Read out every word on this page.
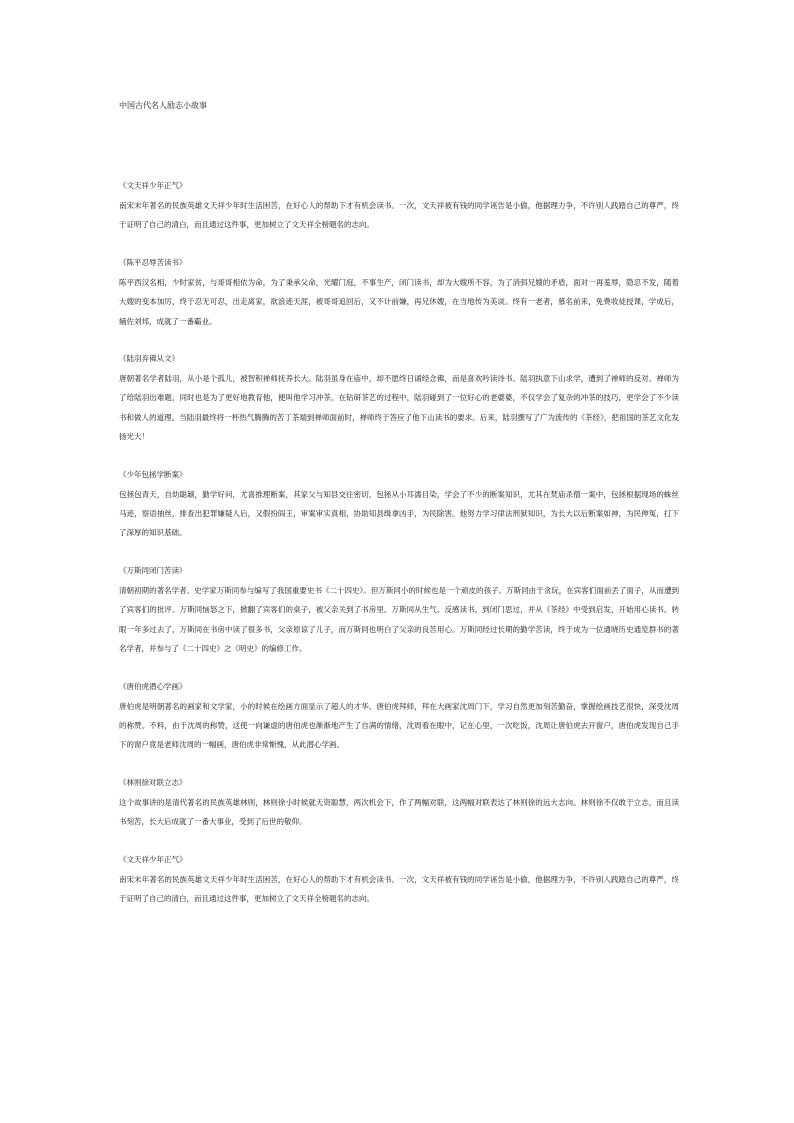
中国古代名人励志小故事
《文天祥少年正气》

南宋末年著名的民族英雄文天祥少年时生活困苦，在好心人的帮助下才有机会读书。一次，文天祥被有钱的同学诬告是小偷，他据理力争，不许别人践踏自己的尊严，终于证明了自己的清白，而且通过这件事，更加树立了文天祥全榜题名的志向。

《陈平忍辱苦读书》

陈平西汉名相，少时家贫，与哥哥相依为命，为了秉承父命，光耀门庭，不事生产，闭门读书，却为大嫂所不容，为了消弭兄嫂的矛盾，面对一再羞辱，隐忍不发，随着大嫂的变本加厉，终于忍无可忍，出走离家，欲浪迹天涯，被哥哥追回后，又不计前嫌，再兄休嫂，在当地传为美谈。终有一老者，慕名前来，免费收徒授课，学成后，辅佐刘邦，成就了一番霸业。

《陆羽弃佛从文》

唐朝著名学者陆羽，从小是个孤儿，被智积禅师抚养长大。陆羽虽身在庙中，却不愿终日诵经念佛，而是喜欢吟读诗书。陆羽执意下山求学，遭到了禅师的反对。禅师为了给陆羽出难题，同时也是为了更好地教育他，便叫他学习冲茶。在钻研茶艺的过程中，陆羽碰到了一位好心的老婆婆，不仅学会了复杂的冲茶的技巧，更学会了不少读书和做人的道理。当陆羽最终将一杯热气腾腾的苦丁茶端到禅师面前时，禅师终于答应了他下山读书的要求。后来，陆羽撰写了广为流传的《茶经》，把祖国的茶艺文化发扬光大！

《少年包拯学断案》

包拯包青天，自幼聪颖，勤学好问，尤喜推理断案，其家父与知县交往密切，包拯从小耳濡目染，学会了不少的断案知识，尤其在焚庙杀僧一案中，包拯根据现场的蛛丝马迹，察语抽丝，排查出犯罪嫌疑人后，又假扮阎王，审案审实真相，协助知县缉拿凶手，为民除害。他努力学习律法刑狱知识，为长大以后断案如神，为民伸冤，打下了深厚的知识基础。

《万斯同闭门苦读》

清朝初期的著名学者、史学家万斯同参与编写了我国重要史书《二十四史》。但万斯同小的时候也是一个顽皮的孩子。万斯同由于贪玩，在宾客们面前丢了面子，从而遭到了宾客们的批评。万斯同恼怒之下，掀翻了宾客们的桌子，被父亲关到了书房里。万斯同从生气、反感读书，到闭门思过，并从《茶经》中受到启发，开始用心读书。转眼一年多过去了，万斯同在书房中读了很多书，父亲原谅了儿子，而万斯同也明白了父亲的良苦用心。万斯同经过长期的勤学苦读，终于成为一位通晓历史通览群书的著名学者，并参与了《二十四史》之《明史》的编修工作。

《唐伯虎潜心学画》

唐伯虎是明朝著名的画家和文学家，小的时候在绘画方面显示了超人的才华。唐伯虎拜师，拜在大画家沈周门下，学习自然更加刻苦勤奋，掌握绘画技艺很快，深受沈周的称赞。不料，由于沈周的称赞，这使一向谦虚的唐伯虎也渐渐地产生了自满的情绪，沈周看在眼中，记在心里，一次吃饭，沈周让唐伯虎去开窗户，唐伯虎发现自己手下的窗户竟是老师沈周的一幅画，唐伯虎非常惭愧，从此潜心学画。

《林则徐对联立志》

这个故事讲的是清代著名的民族英雄林则，林则徐小时候就天资聪慧，两次机会下，作了两幅对联，这两幅对联表达了林则徐的远大志向。林则徐不仅敢于立志，而且读书刻苦，长大后成就了一番大事业，受到了后世的敬仰。

《文天祥少年正气》

南宋末年著名的民族英雄文天祥少年时生活困苦，在好心人的帮助下才有机会读书。一次，文天祥被有钱的同学诬告是小偷，他据理力争，不许别人践踏自己的尊严，终于证明了自己的清白，而且通过这件事，更加树立了文天祥全榜题名的志向。
